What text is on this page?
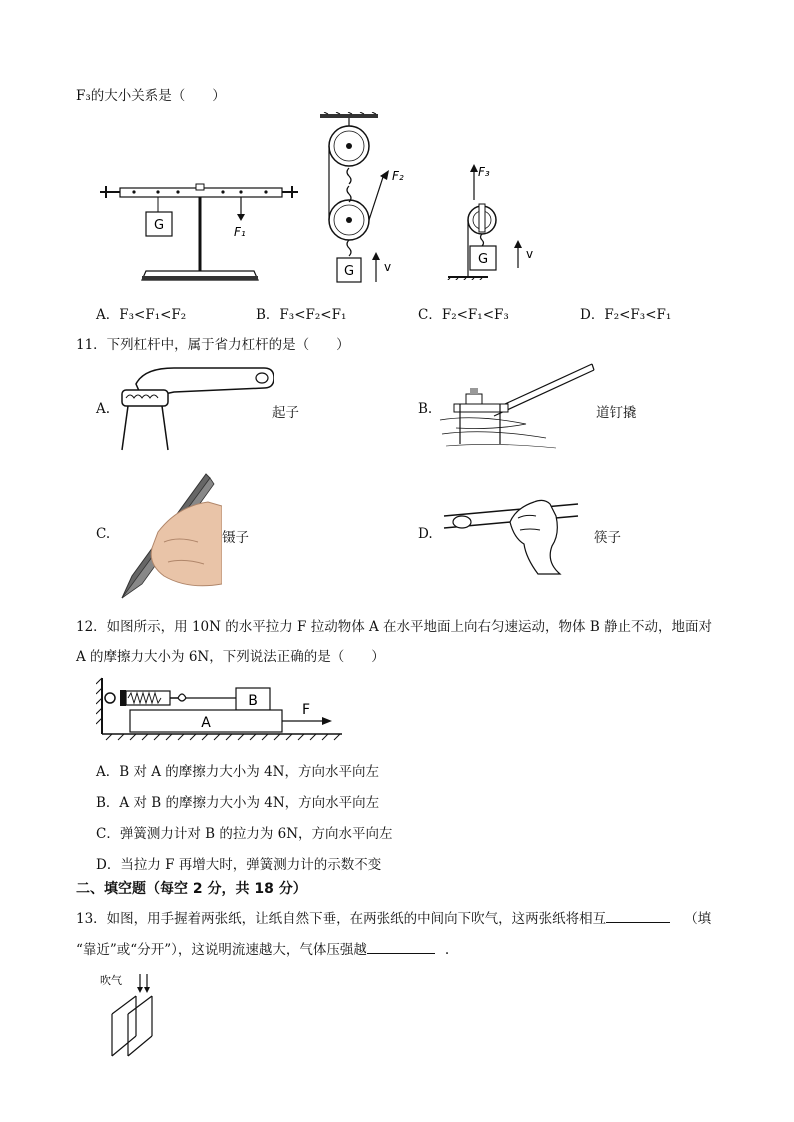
F₃的大小关系是（　　）
G	F₁
F₂
G v
F₃
G	v
A．F₃<F₁<F₂	B．F₃<F₂<F₁	C．F₂<F₁<F₃	D．F₂<F₃<F₁
11．下列杠杆中，属于省力杠杆的是（　　）
A.	起子	B.	道钉撬
C.	镊子	D.	筷子
12．如图所示，用 10N 的水平拉力 F 拉动物体 A 在水平地面上向右匀速运动，物体 B 静止不动，地面对
A 的摩擦力大小为 6N，下列说法正确的是（　　）
B
A
F
A．B 对 A 的摩擦力大小为 4N，方向水平向左
B．A 对 B 的摩擦力大小为 4N，方向水平向左
C．弹簧测力计对 B 的拉力为 6N，方向水平向左
D．当拉力 F 再增大时，弹簧测力计的示数不变
二、填空题（每空 2 分，共 18 分）
13．如图，用手握着两张纸，让纸自然下垂，在两张纸的中间向下吹气，这两张纸将相互	（填
“靠近”或“分开”），这说明流速越大，气体压强越	.
吹气
